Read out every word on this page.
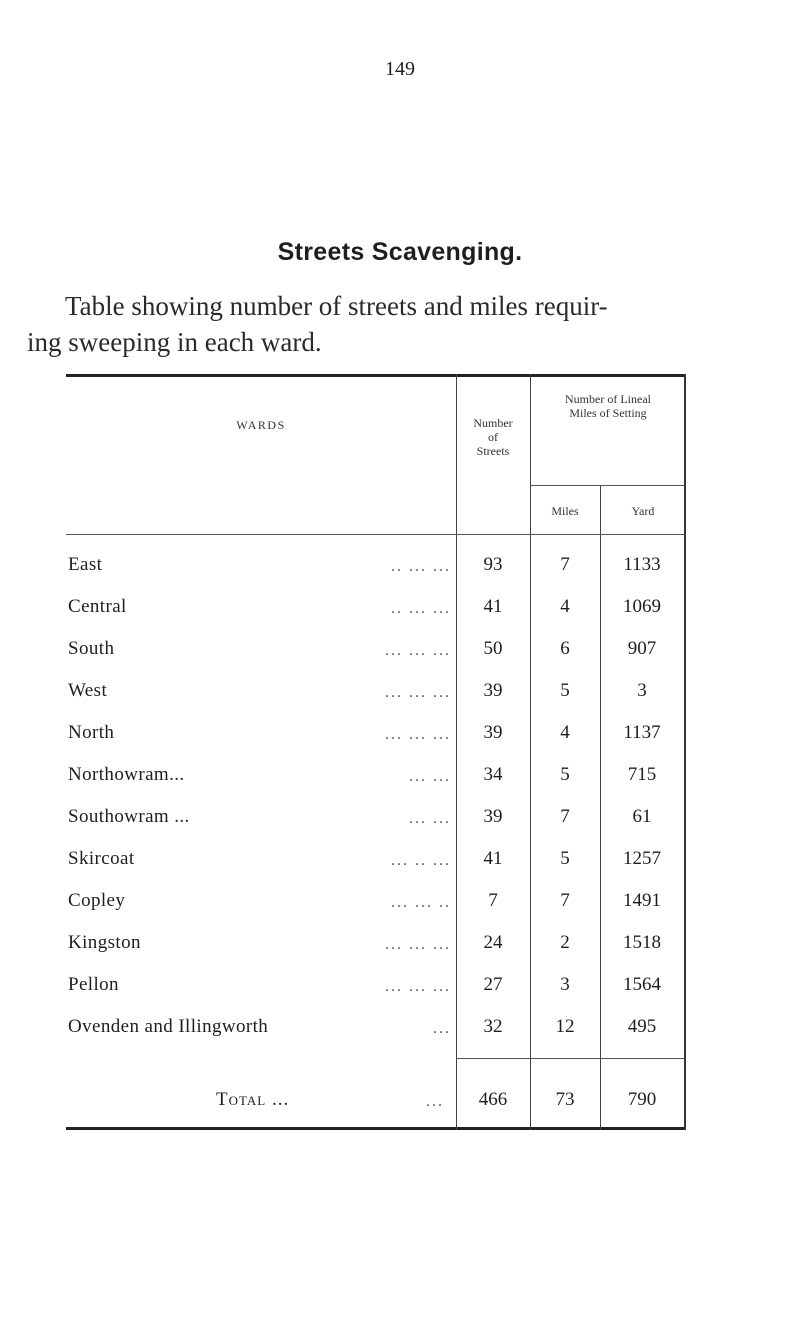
149
Streets Scavenging.
Table showing number of streets and miles requir-
ing sweeping in each ward.
WARDS	Number
of
Streets
Number of Lineal
Miles of Setting
Miles	Yard
East	.. ... ...	93	7	1133
Central	.. ... ...	41	4	1069
South	... ... ...	50	6	907
West	... ... ...	39	5	3
North	... ... ...	39	4	1137
Northowram...	... ...	34	5	715
Southowram ...	... ...	39	7	61
Skircoat	... .. ...	41	5	1257
Copley	... ... ..	7	7	1491
Kingston	... ... ...	24	2	1518
Pellon	... ... ...	27	3	1564
Ovenden and Illingworth	...	32	12	495
Total ...	...	466	73	790
